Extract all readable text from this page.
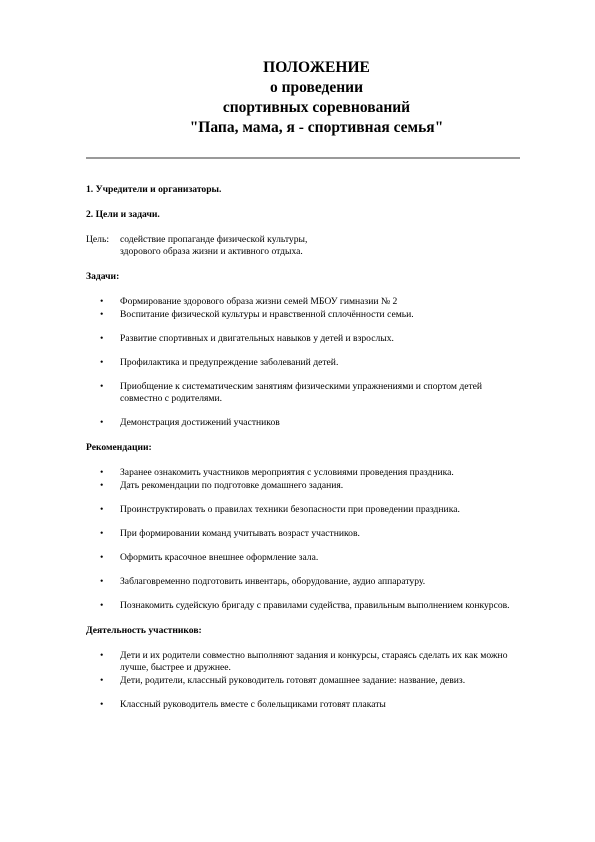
ПОЛОЖЕНИЕ
о проведении
спортивных соревнований
"Папа, мама, я - спортивная семья"

1. Учредители и организаторы.

2. Цели и задачи.

Цель:	содействие пропаганде физической культуры,
здорового образа жизни и активного отдыха.

Задачи:

• Формирование здорового образа жизни семей МБОУ гимназии № 2
• Воспитание физической культуры и нравственной сплочённости семьи.
• Развитие спортивных и двигательных навыков у детей и взрослых.
• Профилактика и предупреждение заболеваний детей.
• Приобщение к систематическим занятиям физическими упражнениями и спортом детей совместно с родителями.
• Демонстрация достижений участников

Рекомендации:

• Заранее ознакомить участников мероприятия с условиями проведения праздника.
• Дать рекомендации по подготовке домашнего задания.
• Проинструктировать о правилах техники безопасности при проведении праздника.
• При формировании команд учитывать возраст участников.
• Оформить красочное внешнее оформление зала.
• Заблаговременно подготовить инвентарь, оборудование, аудио аппаратуру.
• Познакомить судейскую бригаду с правилами судейства, правильным выполнением конкурсов.

Деятельность участников:

• Дети и их родители совместно выполняют задания и конкурсы, стараясь сделать их как можно лучше, быстрее и дружнее.
• Дети, родители, классный руководитель готовят домашнее задание: название, девиз.
• Классный руководитель вместе с болельщиками готовят плакаты
